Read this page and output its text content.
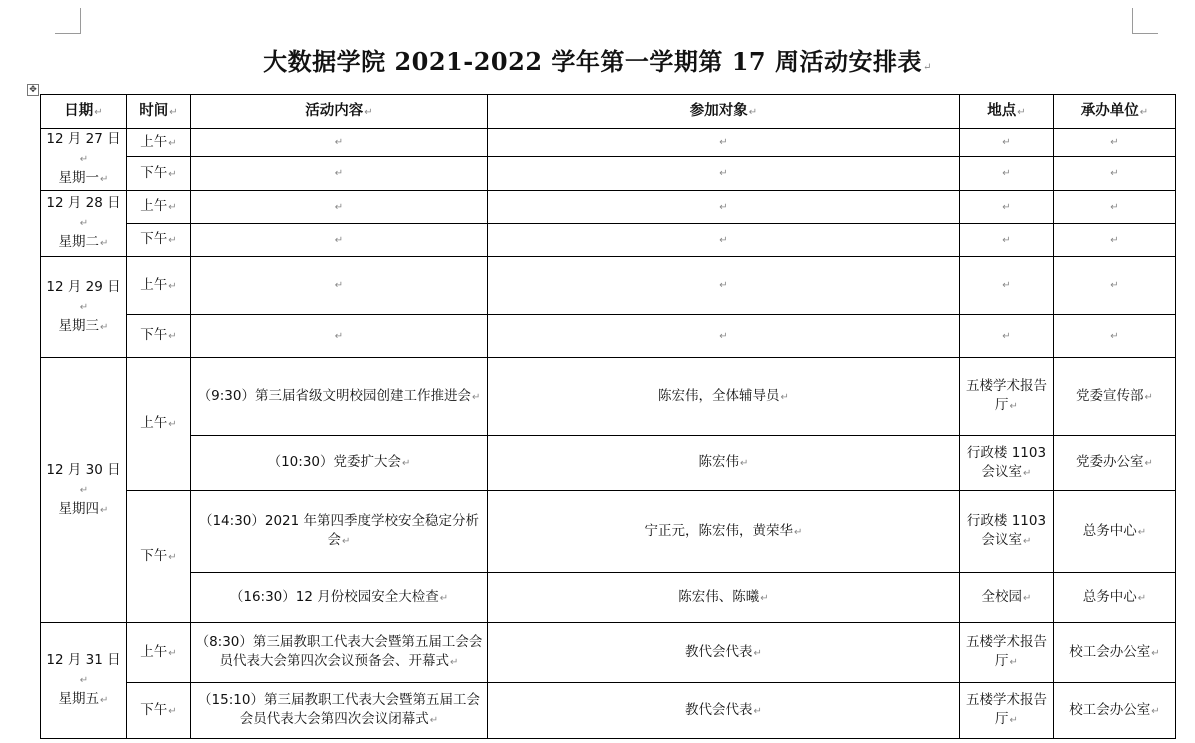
大数据学院 2021-2022 学年第一学期第 17 周活动安排表 ↵
✥
日期 ↵	时间 ↵	活动内容 ↵	参加对象 ↵	地点 ↵	承办单位 ↵

12 月 27 日 ↵
星期一 ↵	上午 ↵	↵	↵	↵	↵
	下午 ↵	↵	↵	↵	↵

12 月 28 日 ↵
星期二 ↵	上午 ↵	↵	↵	↵	↵
	下午 ↵	↵	↵	↵	↵

12 月 29 日 ↵
星期三 ↵	上午 ↵	↵	↵	↵	↵
	下午 ↵	↵	↵	↵	↵

12 月 30 日 ↵
星期四 ↵	上午 ↵	（9:30）第三届省级文明校园创建工作推进会 ↵	陈宏伟，全体辅导员 ↵	五楼学术报告厅 ↵	党委宣传部 ↵
		（10:30）党委扩大会 ↵	陈宏伟 ↵	行政楼 1103 会议室 ↵	党委办公室 ↵
	下午 ↵	（14:30）2021 年第四季度学校安全稳定分析会 ↵	宁正元，陈宏伟，黄荣华 ↵	行政楼 1103 会议室 ↵	总务中心 ↵
		（16:30）12 月份校园安全大检查 ↵	陈宏伟、陈曦 ↵	全校园 ↵	总务中心 ↵

12 月 31 日 ↵
星期五 ↵	上午 ↵	（8:30）第三届教职工代表大会暨第五届工会会员代表大会第四次会议预备会、开幕式 ↵	教代会代表 ↵	五楼学术报告厅 ↵	校工会办公室 ↵
	下午 ↵	（15:10）第三届教职工代表大会暨第五届工会会员代表大会第四次会议闭幕式 ↵	教代会代表 ↵	五楼学术报告厅 ↵	校工会办公室 ↵
